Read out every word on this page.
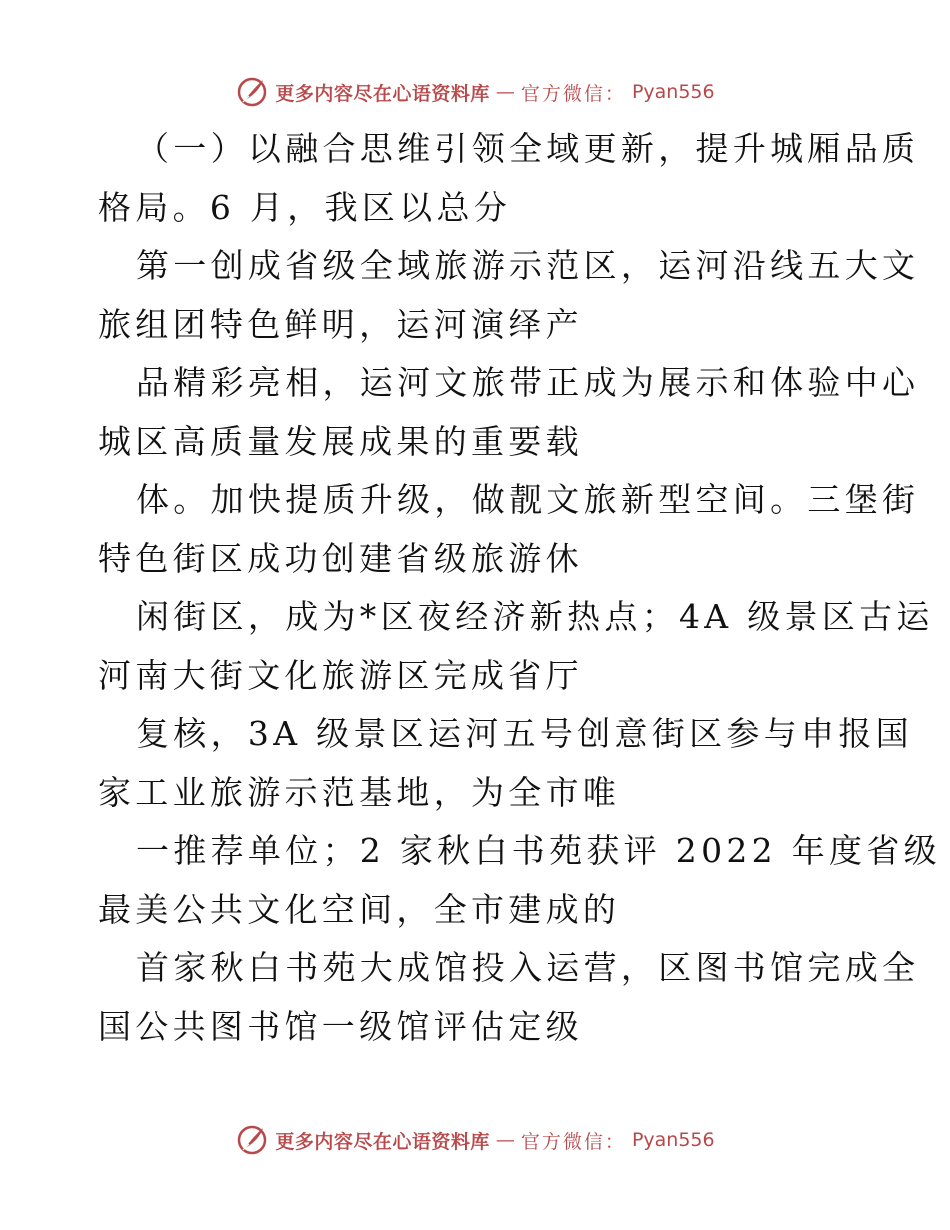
更多内容尽在心语资料库 — 官方微信： Pyan556
（一）以融合思维引领全域更新，提升城厢品质
格局。6 月，我区以总分
第一创成省级全域旅游示范区，运河沿线五大文
旅组团特色鲜明，运河演绎产
品精彩亮相，运河文旅带正成为展示和体验中心
城区高质量发展成果的重要载
体。加快提质升级，做靓文旅新型空间。三堡街
特色街区成功创建省级旅游休
闲街区，成为*区夜经济新热点；4A 级景区古运
河南大街文化旅游区完成省厅
复核，3A 级景区运河五号创意街区参与申报国
家工业旅游示范基地，为全市唯
一推荐单位；2 家秋白书苑获评 2022 年度省级
最美公共文化空间，全市建成的
首家秋白书苑大成馆投入运营，区图书馆完成全
国公共图书馆一级馆评估定级
更多内容尽在心语资料库 — 官方微信： Pyan556
